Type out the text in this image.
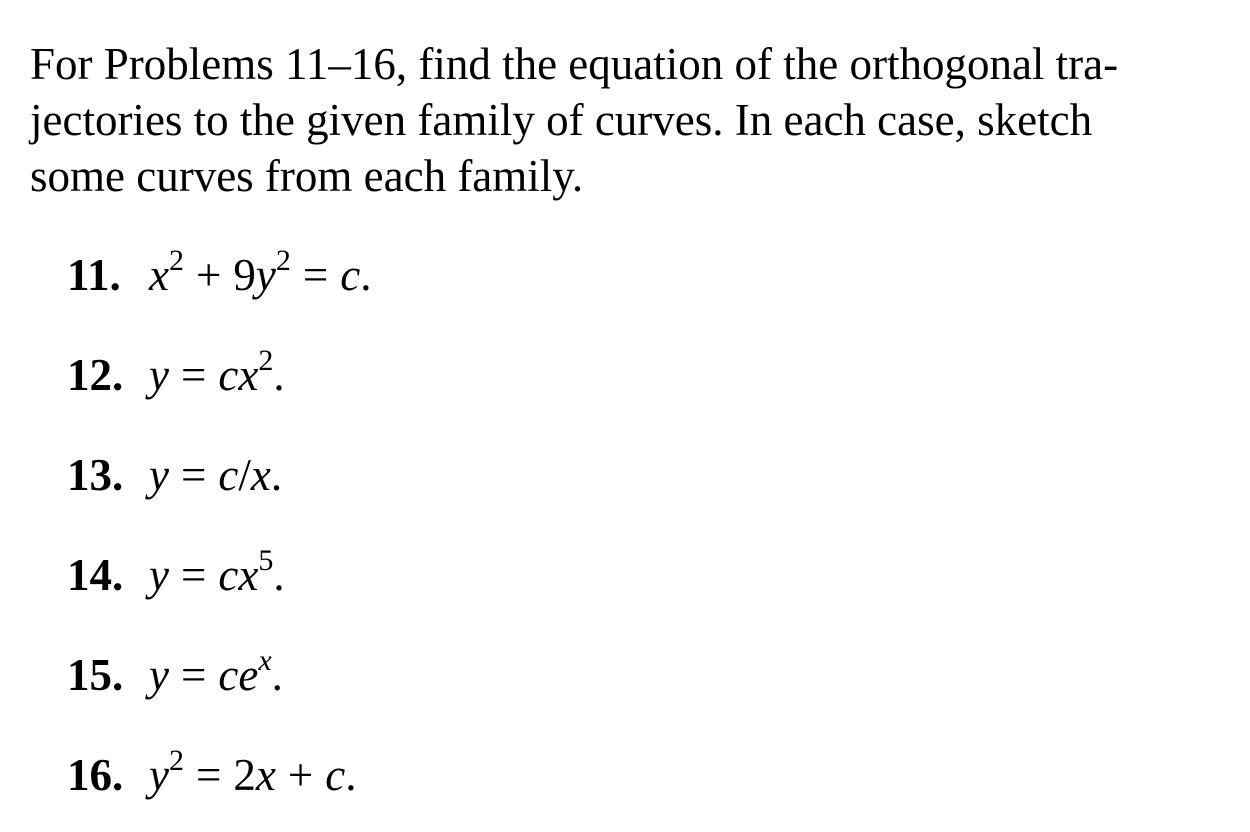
For Problems 11–16, find the equation of the orthogonal tra-
jectories to the given family of curves. In each case, sketch
some curves from each family.
11. $x^2 + 9y^2 = c$.
12. $y = cx^2$.
13. y = c/x.
14. $y = cx^5$.
15. $y = ce^x$.
16. $y^2 = 2x + c$.
